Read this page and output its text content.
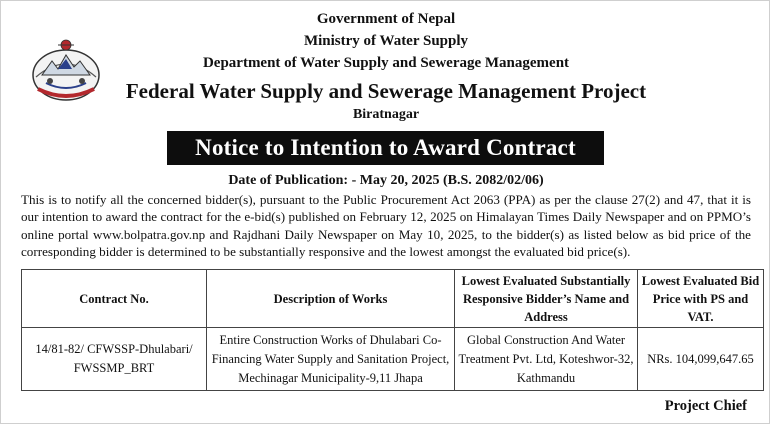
Government of Nepal
Ministry of Water Supply
Department of Water Supply and Sewerage Management
Federal Water Supply and Sewerage Management Project
Biratnagar
Notice to Intention to Award Contract
Date of Publication: - May 20, 2025 (B.S. 2082/02/06)
This is to notify all the concerned bidder(s), pursuant to the Public Procurement Act 2063 (PPA) as per the clause 27(2) and 47, that it is our intention to award the contract for the e-bid(s) published on February 12, 2025 on Himalayan Times Daily Newspaper and on PPMO’s online portal www.bolpatra.gov.np and Rajdhani Daily Newspaper on May 10, 2025, to the bidder(s) as listed below as bid price of the corresponding bidder is determined to be substantially responsive and the lowest amongst the evaluated bid price(s).
Contract No.	Description of Works	Lowest Evaluated Substantially Responsive Bidder’s Name and Address	Lowest Evaluated Bid Price with PS and VAT.
14/81-82/ CFWSSP-Dhulabari/ FWSSMP_BRT	Entire Construction Works of Dhulabari Co-Financing Water Supply and Sanitation Project, Mechinagar Municipality-9,11 Jhapa	Global Construction And Water Treatment Pvt. Ltd, Koteshwor-32, Kathmandu	NRs. 104,099,647.65
Project Chief
